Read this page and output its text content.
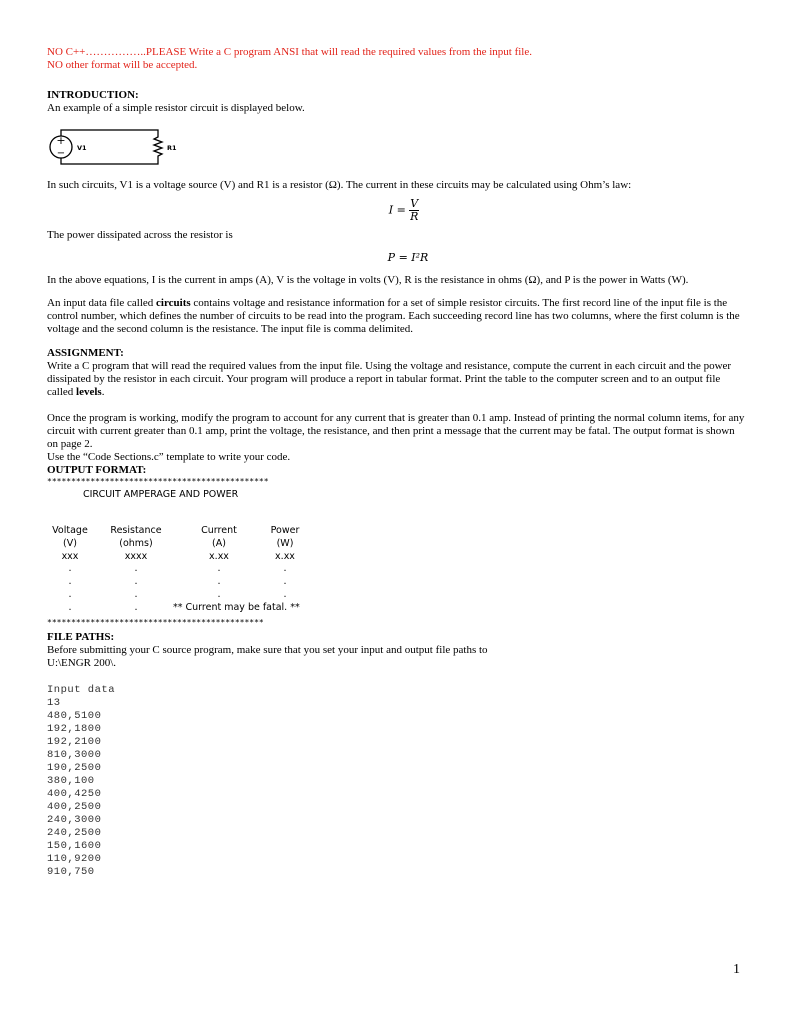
NO C++……………..PLEASE Write a C program ANSI that will read the required values from the input file.

NO other format will be accepted.

INTRODUCTION:

An example of a simple resistor circuit is displayed below.

+
− V1	R1

In such circuits, V1 is a voltage source (V) and R1 is a resistor (Ω). The current in these circuits may be calculated using Ohm’s law:

$I = \frac{V}{R}$

The power dissipated across the resistor is

P = I²R

In the above equations, I is the current in amps (A), V is the voltage in volts (V), R is the resistance in ohms (Ω), and P is the power in Watts (W).

An input data file called circuits contains voltage and resistance information for a set of simple resistor circuits. The first record line of the input file is the control number, which defines the number of circuits to be read into the program. Each succeeding record line has two columns, where the first column is the voltage and the second column is the resistance. The input file is comma delimited.

ASSIGNMENT:

Write a C program that will read the required values from the input file. Using the voltage and resistance, compute the current in each circuit and the power dissipated by the resistor in each circuit. Your program will produce a report in tabular format. Print the table to the computer screen and to an output file called levels.

Once the program is working, modify the program to account for any current that is greater than 0.1 amp. Instead of printing the normal column items, for any circuit with current greater than 0.1 amp, print the voltage, the resistance, and then print a message that the current may be fatal. The output format is shown on page 2.

Use the “Code Sections.c” template to write your code.

OUTPUT FORMAT:

**********************************************
CIRCUIT AMPERAGE AND POWER
Voltage	Resistance	Current	Power
(V)	(ohms)	(A)	(W)
xxx	xxxx	x.xx	x.xx
.	.	.	.
.	.	.	.
.	.	.	.
.	.	** Current may be fatal. **
*********************************************

FILE PATHS:

Before submitting your C source program, make sure that you set your input and output file paths to

U:\ENGR 200\.

Input data
13
480,5100
192,1800
192,2100
810,3000
190,2500
380,100
400,4250
400,2500
240,3000
240,2500
150,1600
110,9200
910,750
1
